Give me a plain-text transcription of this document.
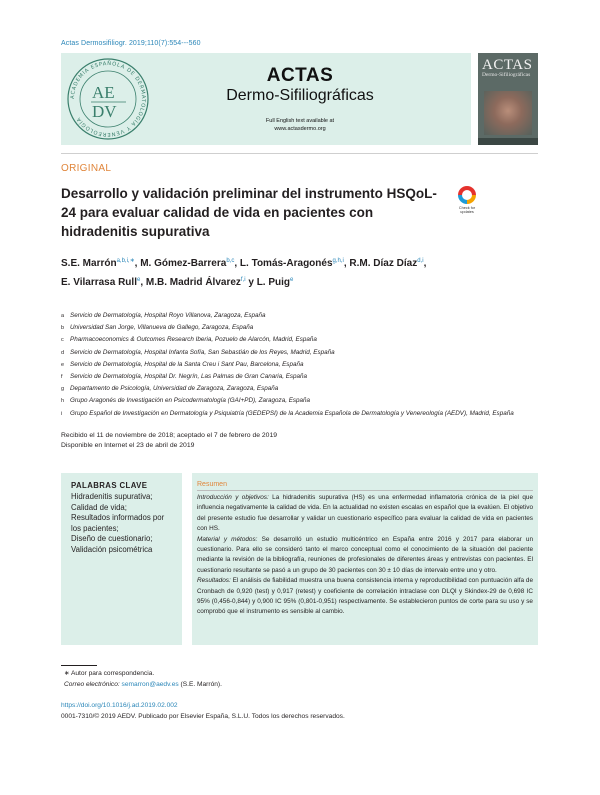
Actas Dermosifiliogr. 2019;110(7):554---560
ACADEMIA ESPAÑOLA DE DERMATOLOGÍA Y VENEREOLOGÍA
AE
DV
ACTAS
Dermo-Sifiliográficas
Full English text available at
www.actasdermo.org
ACTAS
Dermo-Sifiliográficas
ORIGINAL
Desarrollo y validación preliminar del instrumento HSQoL-24 para evaluar calidad de vida en pacientes con hidradenitis supurativa
Check for updates
S.E. Marrón$^{a,b,i,∗}$, M. Gómez-Barrera$^{b,c}$, L. Tomás-Aragonés$^{g,h,i}$, R.M. Díaz Díaz$^{d,i}$,
E. Vilarrasa Rull$^e$, M.B. Madrid Álvarez$^{f,i}$ y L. Puig$^e$
a Servicio de Dermatología, Hospital Royo Villanova, Zaragoza, España
b Universidad San Jorge, Villanueva de Gallego, Zaragoza, España
c Pharmacoeconomics & Outcomes Research Iberia, Pozuelo de Alarcón, Madrid, España
d Servicio de Dermatología, Hospital Infanta Sofía, San Sebastián de los Reyes, Madrid, España
e Servicio de Dermatología, Hospital de la Santa Creu i Sant Pau, Barcelona, España
f Servicio de Dermatología, Hospital Dr. Negrín, Las Palmas de Gran Canaria, España
g Departamento de Psicología, Universidad de Zaragoza, Zaragoza, España
h Grupo Aragonés de Investigación en Psicodermatología (GAI+PD), Zaragoza, España
i Grupo Español de Investigación en Dermatología y Psiquiatría (GEDEPSI) de la Academia Española de Dermatología y Venereología (AEDV), Madrid, España
Recibido el 11 de noviembre de 2018; aceptado el 7 de febrero de 2019
Disponible en Internet el 23 de abril de 2019
PALABRAS CLAVE
Hidradenitis supurativa;
Calidad de vida;
Resultados informados por los pacientes;
Diseño de cuestionario;
Validación psicométrica
Resumen

Introducción y objetivos: La hidradenitis supurativa (HS) es una enfermedad inflamatoria crónica de la piel que influencia negativamente la calidad de vida. En la actualidad no existen escalas en español que la evalúen. El objetivo del presente estudio fue desarrollar y validar un cuestionario específico para evaluar la calidad de vida en pacientes con HS.

Material y métodos: Se desarrolló un estudio multicéntrico en España entre 2016 y 2017 para elaborar un cuestionario. Para ello se consideró tanto el marco conceptual como el conocimiento de la situación del paciente mediante la revisión de la bibliografía, reuniones de profesionales de diferentes áreas y entrevistas con pacientes. El cuestionario resultante se pasó a un grupo de 30 pacientes con 30 ± 10 días de intervalo entre uno y otro.

Resultados: El análisis de fiabilidad muestra una buena consistencia interna y reproductibilidad con puntuación alfa de Cronbach de 0,920 (test) y 0,917 (retest) y coeficiente de correlación intraclase con DLQI y Skindex-29 de 0,698 IC 95% (0,456-0,844) y 0,900 IC 95% (0,801-0,951) respectivamente. Se establecieron puntos de corte para su uso y se comprobó que el instrumento es sensible al cambio.

∗ Autor para correspondencia.
Correo electrónico: semarron@aedv.es (S.E. Marrón).
https://doi.org/10.1016/j.ad.2019.02.002
0001-7310/© 2019 AEDV. Publicado por Elsevier España, S.L.U. Todos los derechos reservados.
